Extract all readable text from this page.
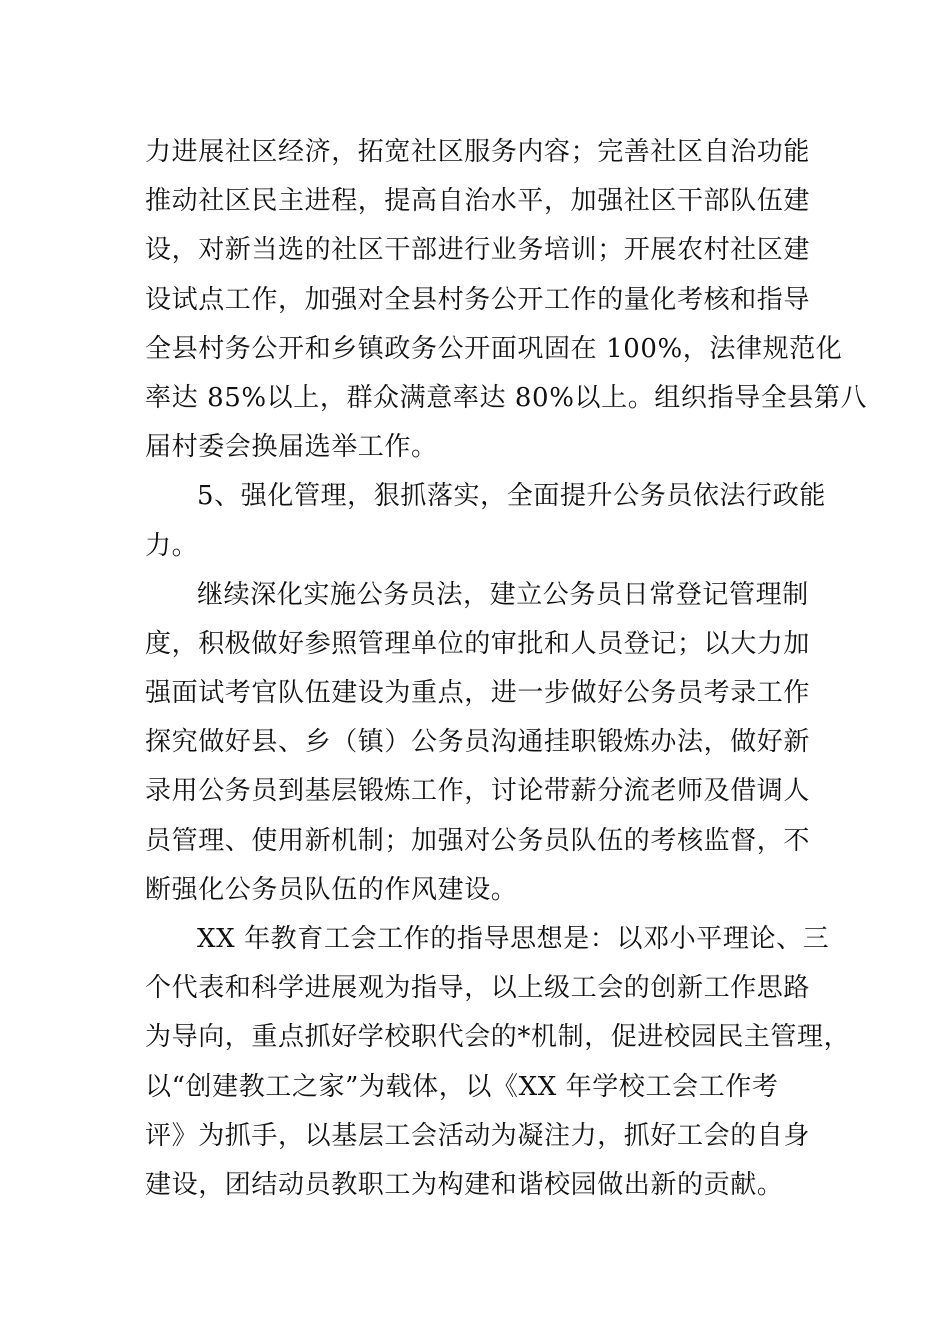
力进展社区经济，拓宽社区服务内容；完善社区自治功能
推动社区民主进程，提高自治水平，加强社区干部队伍建
设，对新当选的社区干部进行业务培训；开展农村社区建
设试点工作，加强对全县村务公开工作的量化考核和指导
全县村务公开和乡镇政务公开面巩固在 100%，法律规范化
率达 85%以上，群众满意率达 80%以上。组织指导全县第八
届村委会换届选举工作。
5、强化管理，狠抓落实，全面提升公务员依法行政能
力。
继续深化实施公务员法，建立公务员日常登记管理制
度，积极做好参照管理单位的审批和人员登记；以大力加
强面试考官队伍建设为重点，进一步做好公务员考录工作
探究做好县、乡（镇）公务员沟通挂职锻炼办法，做好新
录用公务员到基层锻炼工作，讨论带薪分流老师及借调人
员管理、使用新机制；加强对公务员队伍的考核监督，不
断强化公务员队伍的作风建设。
XX 年教育工会工作的指导思想是：以邓小平理论、三
个代表和科学进展观为指导，以上级工会的创新工作思路
为导向，重点抓好学校职代会的*机制，促进校园民主管理，
以“创建教工之家”为载体，以《XX 年学校工会工作考
评》为抓手，以基层工会活动为凝注力，抓好工会的自身
建设，团结动员教职工为构建和谐校园做出新的贡献。
